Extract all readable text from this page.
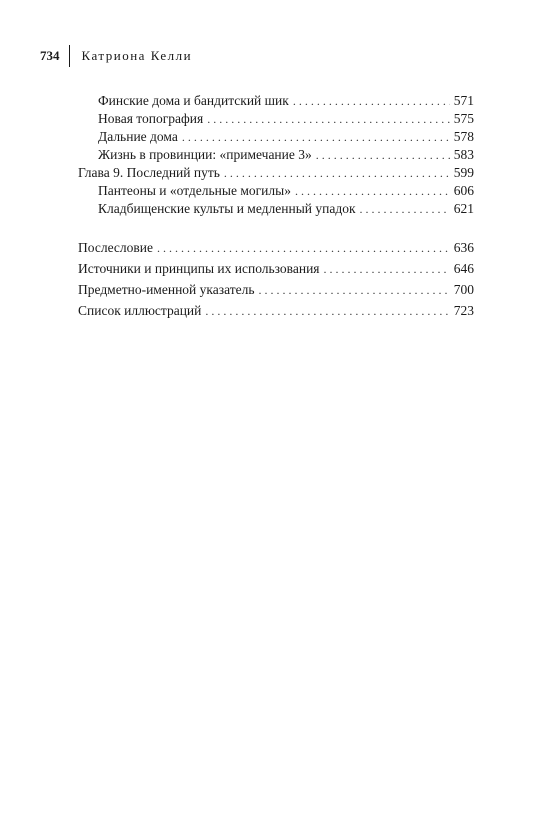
734	Катриона Келли
Финские дома и бандитский шик . . .	571
Новая топография . . .	575
Дальние дома . . .	578
Жизнь в провинции: «примечание 3» . . .	583
Глава 9. Последний путь . . .	599
Пантеоны и «отдельные могилы» . . .	606
Кладбищенские культы и медленный упадок . . .	621
Послесловие . . .	636
Источники и принципы их использования . . .	646
Предметно-именной указатель . . .	700
Список иллюстраций . . .	723
